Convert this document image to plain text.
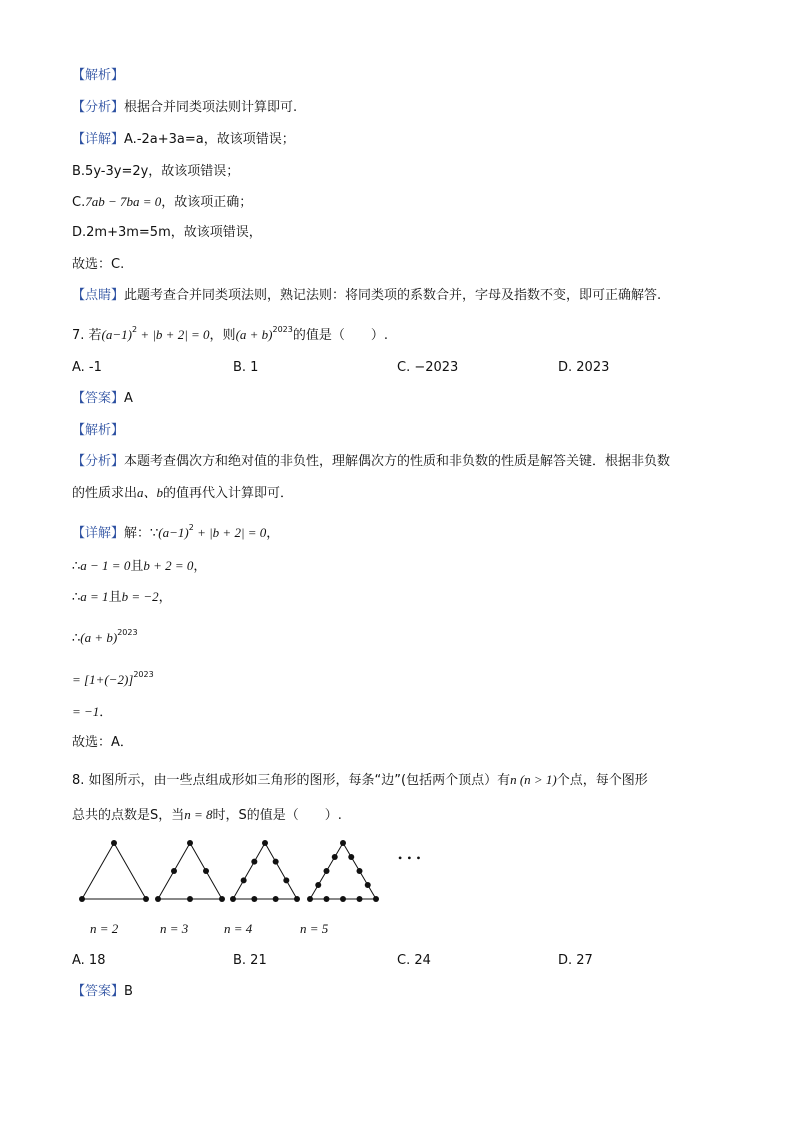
【解析】
【分析】根据合并同类项法则计算即可.
【详解】A.-2a+3a=a，故该项错误；
B.5y-3y=2y，故该项错误；
C.7ab − 7ba = 0，故该项正确；
D.2m+3m=5m，故该项错误，
故选：C.
【点睛】此题考查合并同类项法则，熟记法则：将同类项的系数合并，字母及指数不变，即可正确解答.
7. 若$(a-1)^2 + |b + 2| = 0$，则$(a + b)^{2023}$的值是（　　）.
A. -1	B. 1	C. −2023	D. 2023
【答案】A
【解析】
【分析】本题考查偶次方和绝对值的非负性，理解偶次方的性质和非负数的性质是解答关键．根据非负数
的性质求出a、b的值再代入计算即可．
【详解】解：$\because(a-1)^2 + |b + 2| = 0$，
∴a − 1 = 0且b + 2 = 0，
∴a = 1且b = −2，
∴(a + b)$^{2023}$
= $[1+(-2)]^{2023}$
= −1．
故选：A．
8. 如图所示，由一些点组成形如三角形的图形，每条“边”(包括两个顶点）有n (n > 1)个点，每个图形
总共的点数是S，当n = 8时，S的值是（　　）.
n = 2	n = 3	n = 4	n = 5
• • •
A. 18	B. 21	C. 24	D. 27
【答案】B
